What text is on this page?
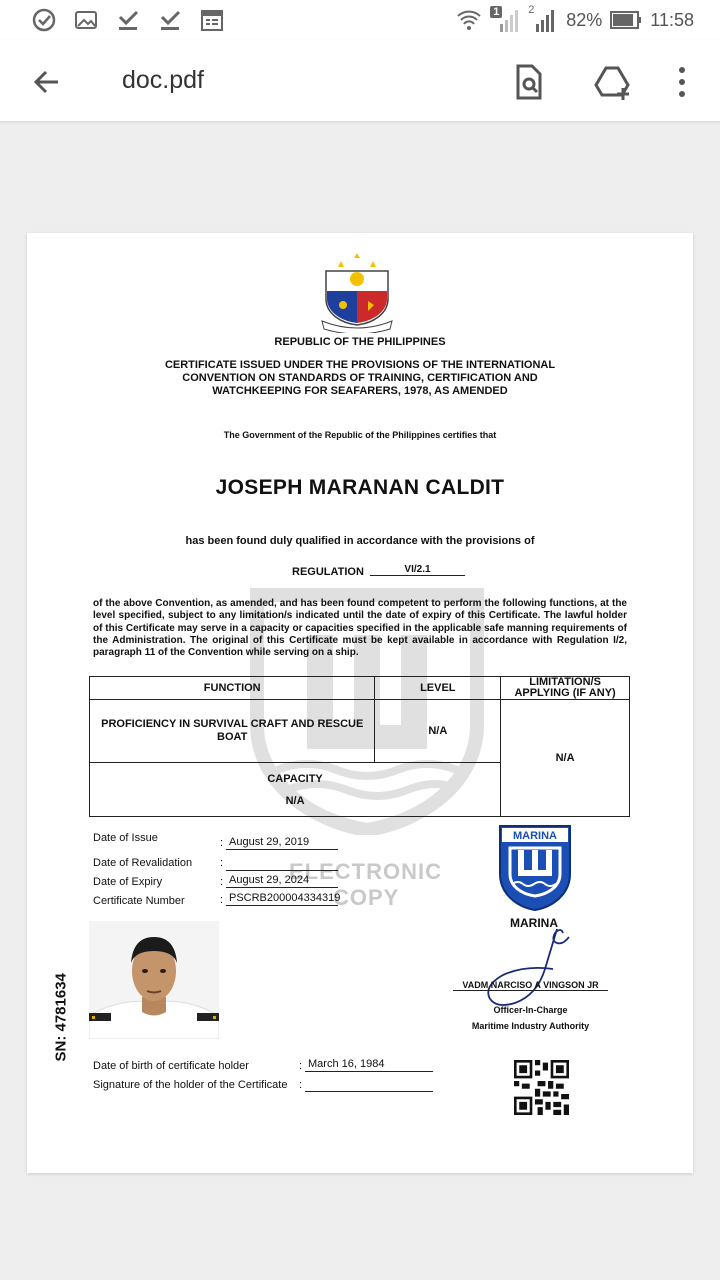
1	2 82%	11:58
doc.pdf
REPUBLIC OF THE PHILIPPINES
CERTIFICATE ISSUED UNDER THE PROVISIONS OF THE INTERNATIONAL
CONVENTION ON STANDARDS OF TRAINING, CERTIFICATION AND
WATCHKEEPING FOR SEAFARERS, 1978, AS AMENDED
The Government of the Republic of the Philippines certifies that
JOSEPH MARANAN CALDIT
has been found duly qualified in accordance with the provisions of
REGULATION	VI/2.1
of the above Convention, as amended, and has been found competent to perform the following functions, at the level specified, subject to any limitation/s indicated until the date of expiry of this Certificate. The lawful holder of this Certificate may serve in a capacity or capacities specified in the applicable safe manning requirements of the Administration. The original of this Certificate must be kept available in accordance with Regulation I/2, paragraph 11 of the Convention while serving on a ship.
FUNCTION	LEVEL	LIMITATION/S APPLYING (IF ANY)
PROFICIENCY IN SURVIVAL CRAFT AND RESCUE BOAT	N/A	N/A

CAPACITY
N/A		
ELECTRONIC
COPY
Date of Issue	: August 29, 2019
Date of Revalidation	:
Date of Expiry	: August 29, 2024
Certificate Number	: PSCRB200004334319
SN: 4781634
Date of birth of certificate holder	: March 16, 1984
Signature of the holder of the Certificate :
MARINA
MARINA
VADM NARCISO A VINGSON JR
Officer-In-Charge
Maritime Industry Authority
